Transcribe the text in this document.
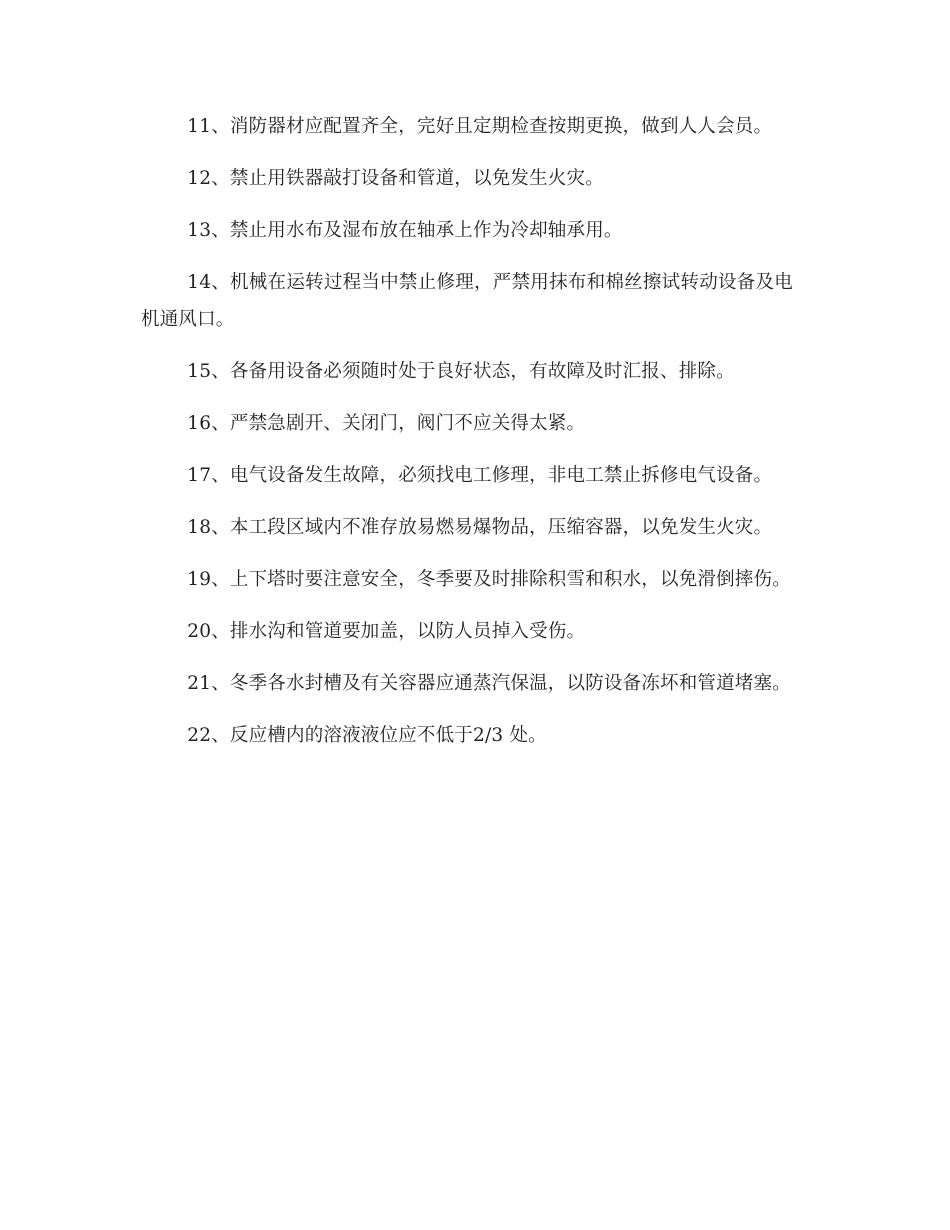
11、消防器材应配置齐全，完好且定期检查按期更换，做到人人会员。

12、禁止用铁器敲打设备和管道，以免发生火灾。

13、禁止用水布及湿布放在轴承上作为冷却轴承用。

14、机械在运转过程当中禁止修理，严禁用抹布和棉丝擦试转动设备及电机通风口。

15、各备用设备必须随时处于良好状态，有故障及时汇报、排除。

16、严禁急剧开、关闭门，阀门不应关得太紧。

17、电气设备发生故障，必须找电工修理，非电工禁止拆修电气设备。

18、本工段区域内不准存放易燃易爆物品，压缩容器，以免发生火灾。

19、上下塔时要注意安全，冬季要及时排除积雪和积水，以免滑倒摔伤。

20、排水沟和管道要加盖，以防人员掉入受伤。

21、冬季各水封槽及有关容器应通蒸汽保温，以防设备冻坏和管道堵塞。

22、反应槽内的溶液液位应不低于2/3 处。
